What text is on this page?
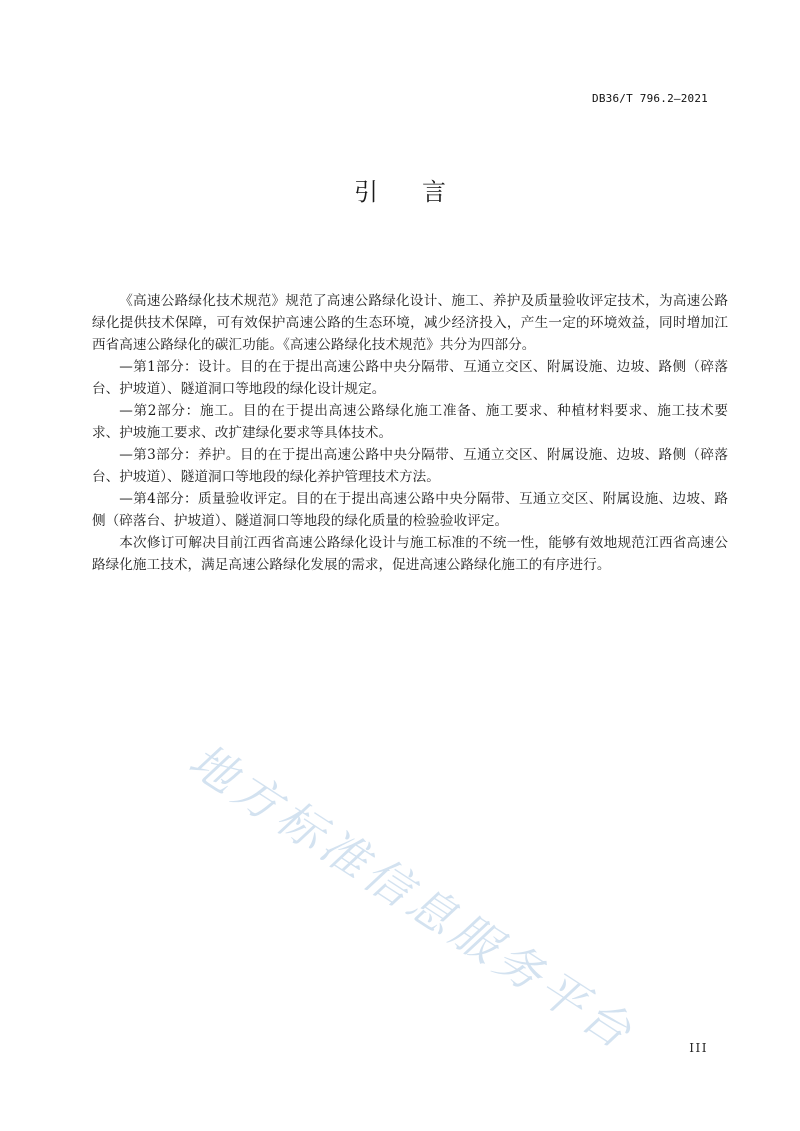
DB36/T 796.2—2021
引 言

《高速公路绿化技术规范》规范了高速公路绿化设计、施工、养护及质量验收评定技术，为高速公路绿化提供技术保障，可有效保护高速公路的生态环境，减少经济投入，产生一定的环境效益，同时增加江西省高速公路绿化的碳汇功能。《高速公路绿化技术规范》共分为四部分。

—第1部分：设计。目的在于提出高速公路中央分隔带、互通立交区、附属设施、边坡、路侧（碎落台、护坡道）、隧道洞口等地段的绿化设计规定。

—第2部分：施工。目的在于提出高速公路绿化施工准备、施工要求、种植材料要求、施工技术要求、护坡施工要求、改扩建绿化要求等具体技术。

—第3部分：养护。目的在于提出高速公路中央分隔带、互通立交区、附属设施、边坡、路侧（碎落台、护坡道）、隧道洞口等地段的绿化养护管理技术方法。

—第4部分：质量验收评定。目的在于提出高速公路中央分隔带、互通立交区、附属设施、边坡、路侧（碎落台、护坡道）、隧道洞口等地段的绿化质量的检验验收评定。

本次修订可解决目前江西省高速公路绿化设计与施工标准的不统一性，能够有效地规范江西省高速公路绿化施工技术，满足高速公路绿化发展的需求，促进高速公路绿化施工的有序进行。

地方标准信息服务平台	III
